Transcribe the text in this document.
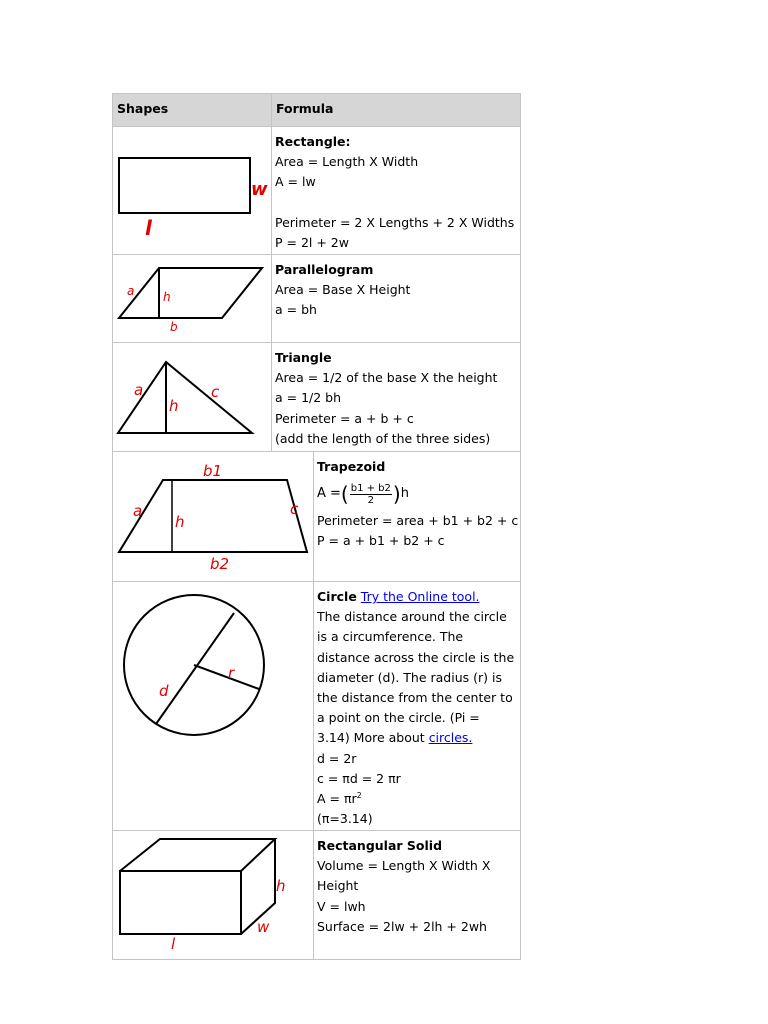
Shapes	Formula
w
l
Rectangle:
Area = Length X Width
A = lw
Perimeter = 2 X Lengths + 2 X Widths
P = 2l + 2w
a h
b
Parallelogram
Area = Base X Height
a = bh
a
h
c
Triangle
Area = 1/2 of the base X the height
a = 1/2 bh
Perimeter = a + b + c
(add the length of the three sides)
b1
a
h
c
b2
Trapezoid
A = ( $\frac{b1 + b2}{2}$ ) h
Perimeter = area + b1 + b2 + c
P = a + b1 + b2 + c
d
r
Circle Try the Online tool.
The distance around the circle
is a circumference. The
distance across the circle is the
diameter (d). The radius (r) is
the distance from the center to
a point on the circle. (Pi =
3.14) More about circles.
d = 2r
c = πd = 2 πr
$A = \pi r^2$
(π=3.14)
h
w
l
Rectangular Solid
Volume = Length X Width X
Height
V = lwh
Surface = 2lw + 2lh + 2wh
